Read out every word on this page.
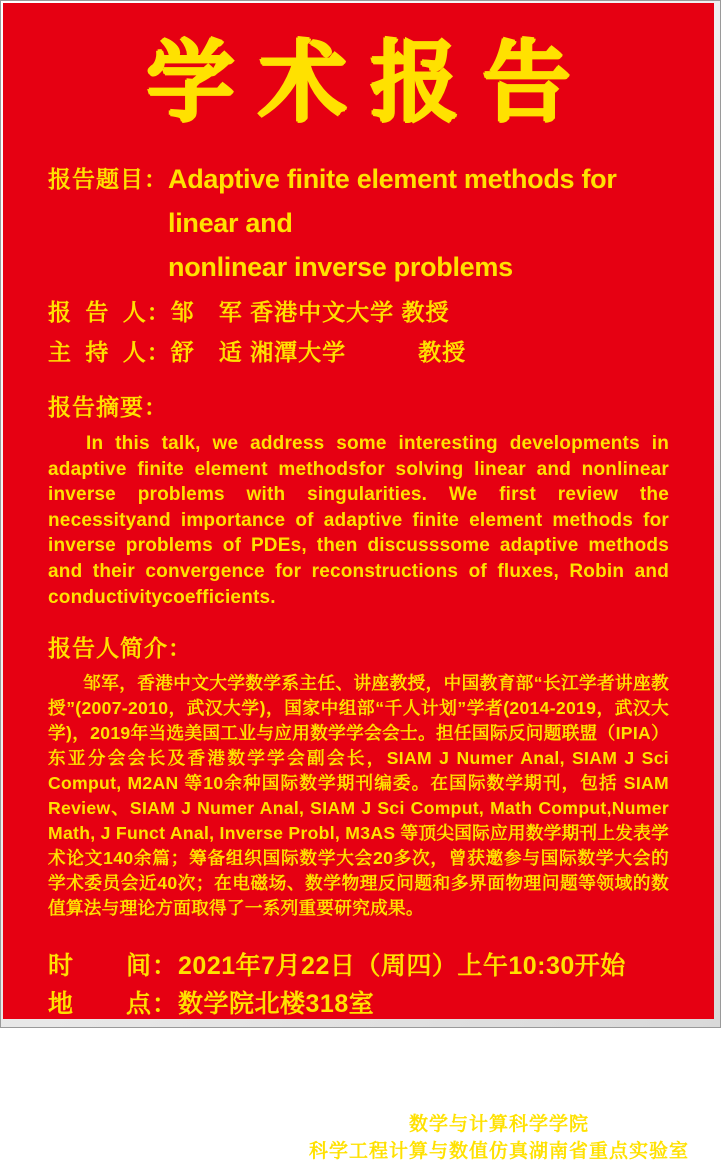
学术报告
报告题目： Adaptive finite element methods for linear and
nonlinear inverse problems
报 告 人： 邹　军 香港中文大学 教授
主 持 人： 舒　适 湘潭大学　　　教授
报告摘要：
In this talk, we address some interesting developments in adaptive finite element methodsfor solving linear and nonlinear inverse problems with singularities. We first review the necessityand importance of adaptive finite element methods for inverse problems of PDEs, then discusssome adaptive methods and their convergence for reconstructions of fluxes, Robin and conductivitycoefficients.
报告人简介：
邹军，香港中文大学数学系主任、讲座教授，中国教育部“长江学者讲座教授”(2007-2010，武汉大学)，国家中组部“千人计划”学者(2014-2019，武汉大学)，2019年当选美国工业与应用数学学会会士。担任国际反问题联盟（IPIA）东亚分会会长及香港数学学会副会长，SIAM J Numer Anal, SIAM J Sci Comput, M2AN 等10余种国际数学期刊编委。在国际数学期刊，包括 SIAM Review、SIAM J Numer Anal, SIAM J Sci Comput, Math Comput,Numer Math, J Funct Anal, Inverse Probl, M3AS 等顶尖国际应用数学期刊上发表学术论文140余篇；筹备组织国际数学大会20多次，曾获邀参与国际数学大会的学术委员会近40次；在电磁场、数学物理反问题和多界面物理问题等领域的数值算法与理论方面取得了一系列重要研究成果。
时　　间： 2021年7月22日（周四）上午10:30开始
地　　点： 数学院北楼318室
欢迎广大师生参加
数学与计算科学学院
科学工程计算与数值仿真湖南省重点实验室
